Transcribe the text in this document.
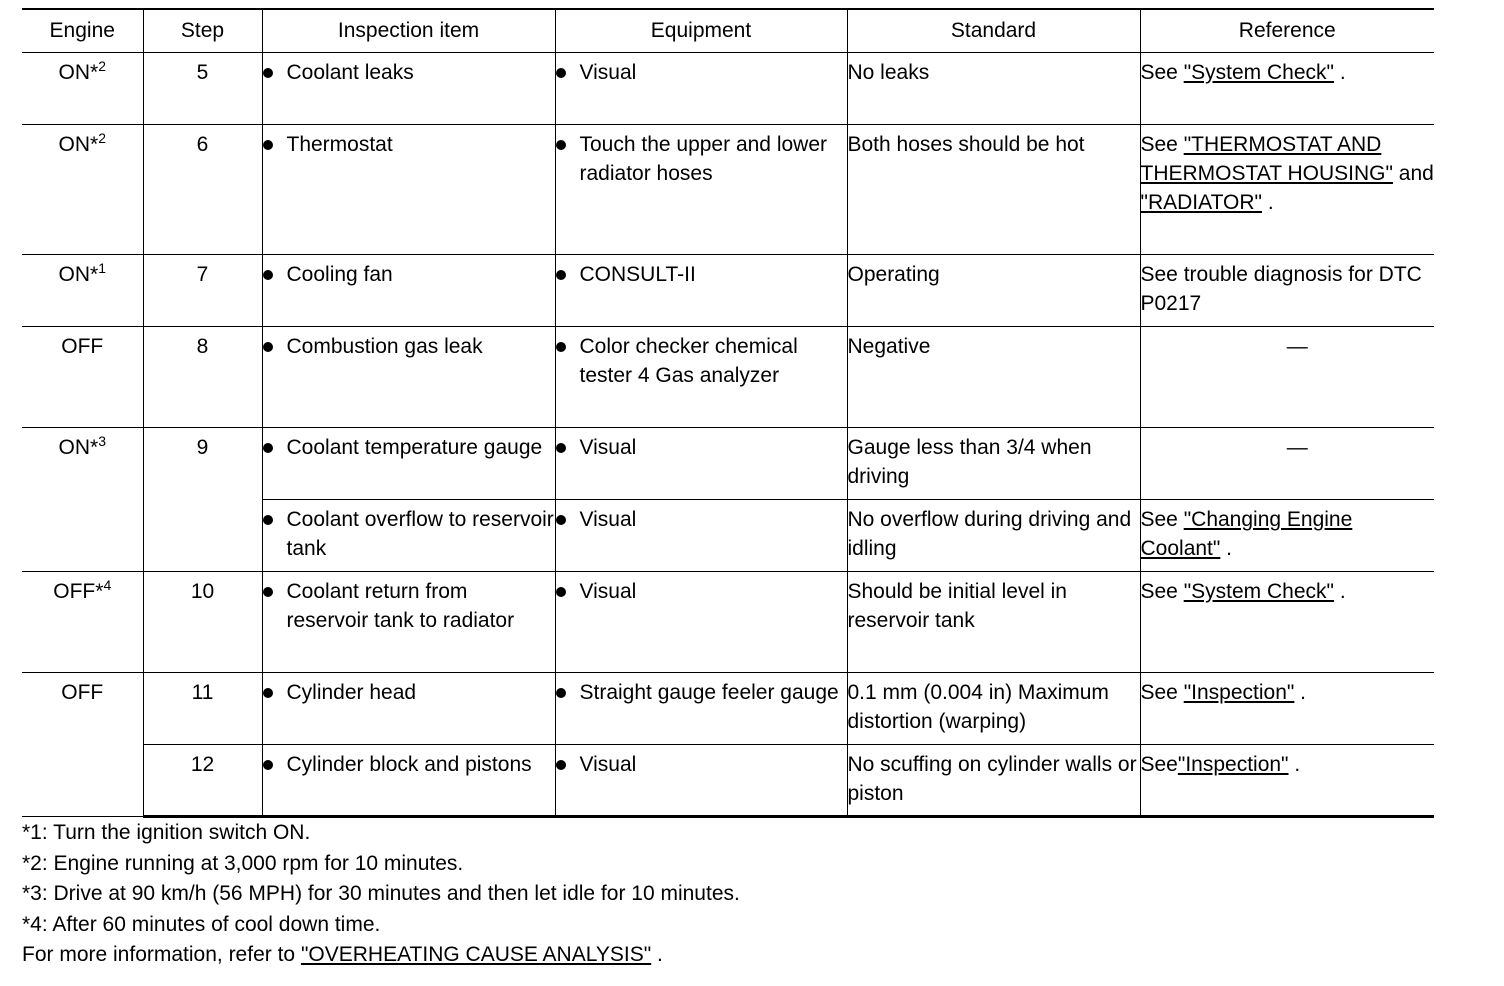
Engine	Step	Inspection item	Equipment	Standard	Reference
ON*$^2$	5	Coolant leaks	Visual	No leaks	See "System Check" .
ON*$^2$	6	Thermostat	Touch the upper and lower radiator hoses	Both hoses should be hot	See "THERMOSTAT AND THERMOSTAT HOUSING" and "RADIATOR" .
ON*$^1$	7	Cooling fan	CONSULT-II	Operating	See trouble diagnosis for DTC P0217
OFF	8	Combustion gas leak	Color checker chemical tester 4 Gas analyzer	Negative	—
ON*$^3$	9	Coolant temperature gauge	Visual	Gauge less than 3/4 when driving	—

		Coolant overflow to reservoir tank	Visual	No overflow during driving and idling	See "Changing Engine Coolant" .
OFF*$^4$	10	Coolant return from reservoir tank to radiator	Visual	Should be initial level in reservoir tank	See "System Check" .
OFF	11	Cylinder head	Straight gauge feeler gauge	0.1 mm (0.004 in) Maximum distortion (warping)	See "Inspection" .
	12	Cylinder block and pistons	Visual	No scuffing on cylinder walls or piston	See"Inspection" .
*1: Turn the ignition switch ON.
*2: Engine running at 3,000 rpm for 10 minutes.
*3: Drive at 90 km/h (56 MPH) for 30 minutes and then let idle for 10 minutes.
*4: After 60 minutes of cool down time.
For more information, refer to "OVERHEATING CAUSE ANALYSIS" .
